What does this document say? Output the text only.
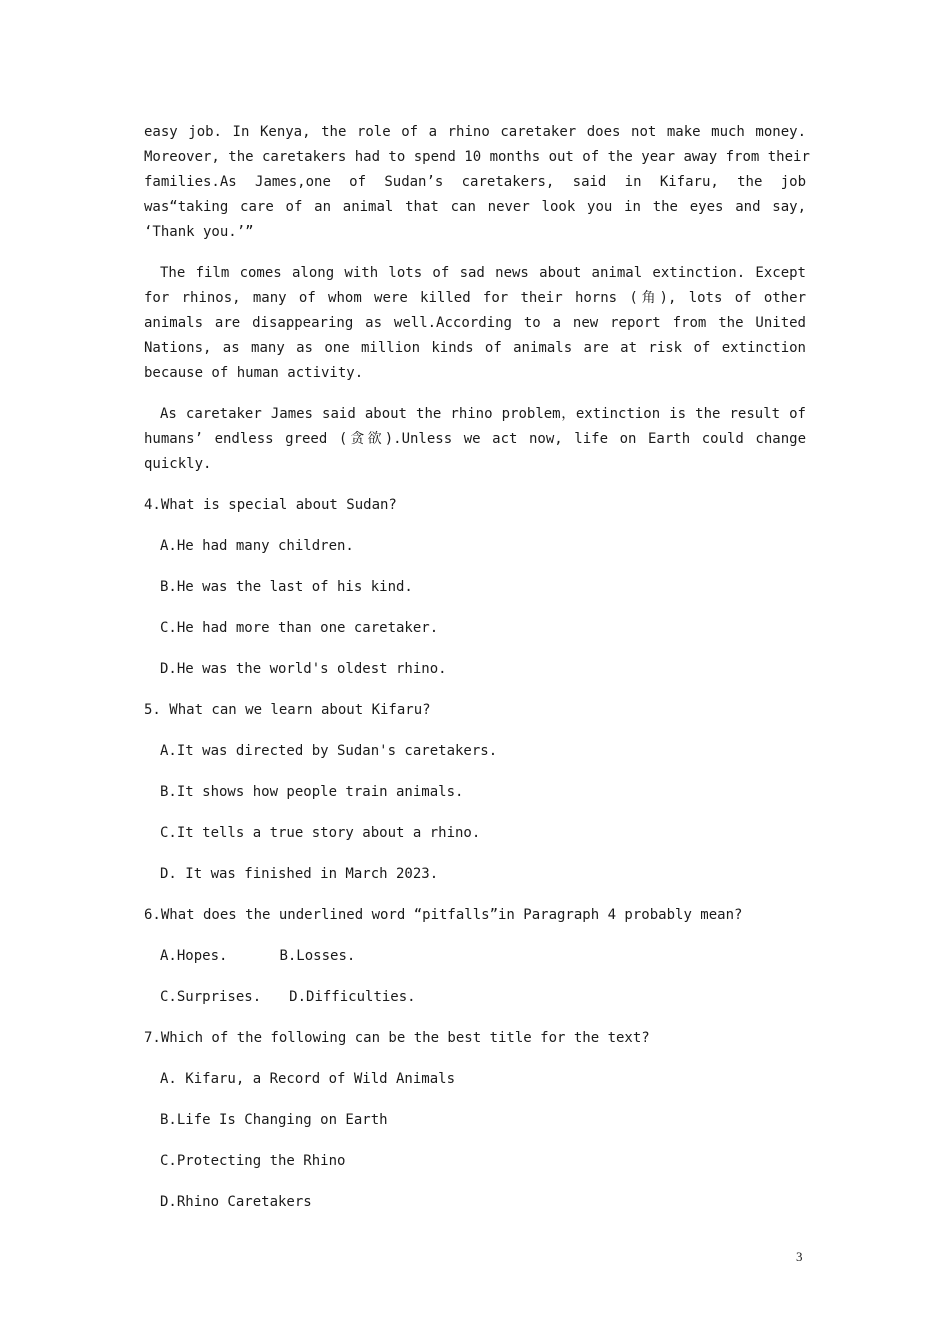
easy job. In Kenya, the role of a rhino caretaker does not make much money.
Moreover, the caretakers had to spend 10 months out of the year away from their
families.As James,one of Sudan’s caretakers, said in Kifaru, the job
was“taking care of an animal that can never look you in the eyes and say,
‘Thank you.’”
The film comes along with lots of sad news about animal extinction. Except
for rhinos, many of whom were killed for their horns (角), lots of other
animals are disappearing as well.According to a new report from the United
Nations, as many as one million kinds of animals are at risk of extinction
because of human activity.
As caretaker James said about the rhino problem，extinction is the result of
humans’ endless greed (贪欲).Unless we act now, life on Earth could change
quickly.
4.What is special about Sudan?
A.He had many children.
B.He was the last of his kind.
C.He had more than one caretaker.
D.He was the world's oldest rhino.
5. What can we learn about Kifaru?
A.It was directed by Sudan's caretakers.
B.It shows how people train animals.
C.It tells a true story about a rhino.
D. It was finished in March 2023.
6.What does the underlined word “pitfalls”in Paragraph 4 probably mean?
A.Hopes.	B.Losses.
C.Surprises. D.Difficulties.
7.Which of the following can be the best title for the text?
A. Kifaru, a Record of Wild Animals
B.Life Is Changing on Earth
C.Protecting the Rhino
D.Rhino Caretakers
3
